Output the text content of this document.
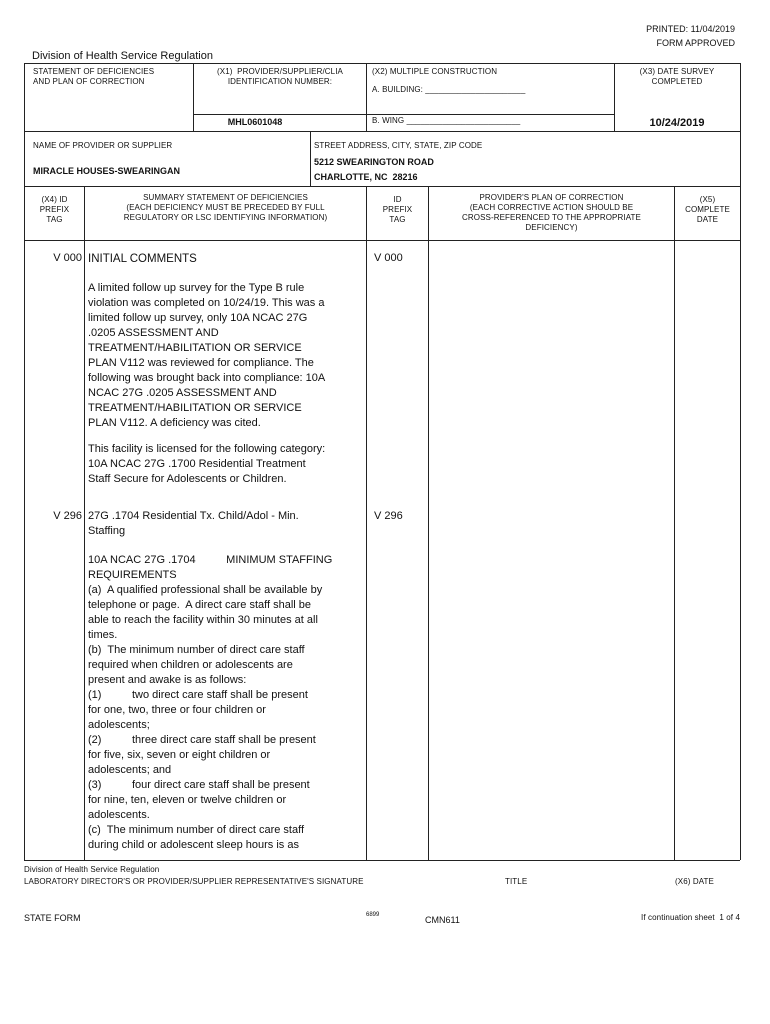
PRINTED: 11/04/2019
FORM APPROVED
Division of Health Service Regulation
STATEMENT OF DEFICIENCIES
AND PLAN OF CORRECTION
(X1)  PROVIDER/SUPPLIER/CLIA
IDENTIFICATION NUMBER:
MHL0601048
(X2) MULTIPLE CONSTRUCTION
A. BUILDING: ______________________
B. WING _________________________
(X3) DATE SURVEY
COMPLETED
10/24/2019
NAME OF PROVIDER OR SUPPLIER
MIRACLE HOUSES-SWEARINGAN
STREET ADDRESS, CITY, STATE, ZIP CODE
5212 SWEARINGTON ROAD
CHARLOTTE, NC  28216
(X4) ID
PREFIX
TAG
SUMMARY STATEMENT OF DEFICIENCIES
(EACH DEFICIENCY MUST BE PRECEDED BY FULL
REGULATORY OR LSC IDENTIFYING INFORMATION)
ID
PREFIX
TAG
PROVIDER'S PLAN OF CORRECTION
(EACH CORRECTIVE ACTION SHOULD BE
CROSS-REFERENCED TO THE APPROPRIATE
DEFICIENCY)
(X5)
COMPLETE
DATE
V 000	V 000
INITIAL COMMENTS

A limited follow up survey for the Type B rule
violation was completed on 10/24/19. This was a
limited follow up survey, only 10A NCAC 27G
.0205 ASSESSMENT AND
TREATMENT/HABILITATION OR SERVICE
PLAN V112 was reviewed for compliance. The
following was brought back into compliance: 10A
NCAC 27G .0205 ASSESSMENT AND
TREATMENT/HABILITATION OR SERVICE
PLAN V112. A deficiency was cited.

This facility is licensed for the following category:
10A NCAC 27G .1700 Residential Treatment
Staff Secure for Adolescents or Children.

V 296	V 296
27G .1704 Residential Tx. Child/Adol - Min.
Staffing
10A NCAC 27G .1704          MINIMUM STAFFING
REQUIREMENTS
(a)  A qualified professional shall be available by
telephone or page.  A direct care staff shall be
able to reach the facility within 30 minutes at all
times.
(b)  The minimum number of direct care staff
required when children or adolescents are
present and awake is as follows:
(1)          two direct care staff shall be present
for one, two, three or four children or
adolescents;
(2)          three direct care staff shall be present
for five, six, seven or eight children or
adolescents; and
(3)          four direct care staff shall be present
for nine, ten, eleven or twelve children or
adolescents.
(c)  The minimum number of direct care staff
during child or adolescent sleep hours is as
Division of Health Service Regulation
LABORATORY DIRECTOR'S OR PROVIDER/SUPPLIER REPRESENTATIVE'S SIGNATURE	TITLE	(X6) DATE
STATE FORM	6899	CMN611	If continuation sheet  1 of 4
